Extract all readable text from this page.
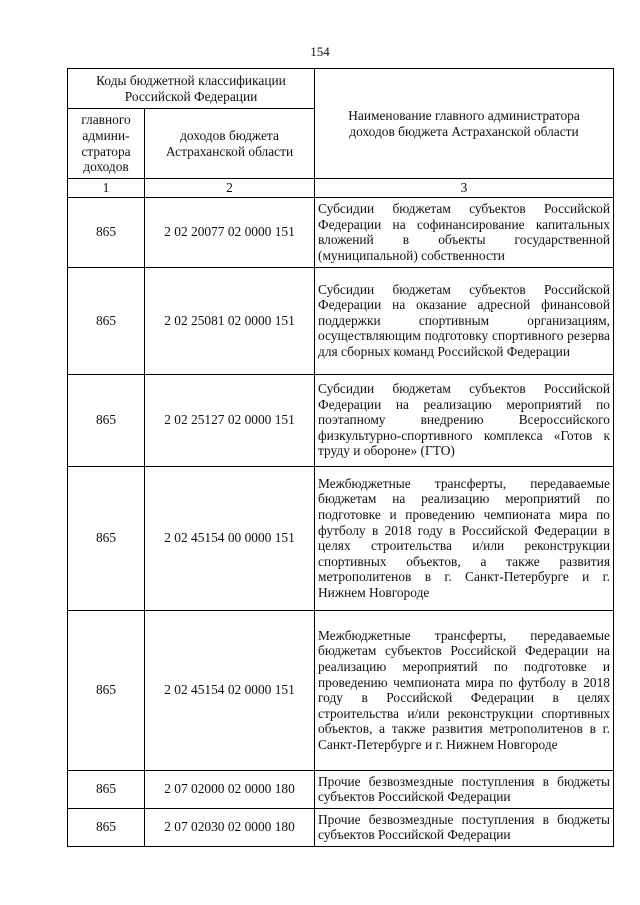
154
Коды бюджетной классификации Российской Федерации		Наименование главного администратора доходов бюджета Астраханской области
главного админи-стратора доходов	доходов бюджета Астраханской области	
1	2	3
865	2 02 20077 02 0000 151	Субсидии бюджетам субъектов Российской Федерации на софинансирование капитальных вложений в объекты государственной (муниципальной) собственности
865	2 02 25081 02 0000 151	Субсидии бюджетам субъектов Российской Федерации на оказание адресной финансовой поддержки спортивным организациям, осуществляющим подготовку спортивного резерва для сборных команд Российской Федерации
865	2 02 25127 02 0000 151	Субсидии бюджетам субъектов Российской Федерации на реализацию мероприятий по поэтапному внедрению Всероссийского физкультурно-спортивного комплекса «Готов к труду и обороне» (ГТО)
865	2 02 45154 00 0000 151	Межбюджетные трансферты, передаваемые бюджетам на реализацию мероприятий по подготовке и проведению чемпионата мира по футболу в 2018 году в Российской Федерации в целях строительства и/или реконструкции спортивных объектов, а также развития метрополитенов в г. Санкт-Петербурге и г. Нижнем Новгороде
865	2 02 45154 02 0000 151	Межбюджетные трансферты, передаваемые бюджетам субъектов Российской Федерации на реализацию мероприятий по подготовке и проведению чемпионата мира по футболу в 2018 году в Российской Федерации в целях строительства и/или реконструкции спортивных объектов, а также развития метрополитенов в г. Санкт-Петербурге и г. Нижнем Новгороде
865	2 07 02000 02 0000 180	Прочие безвозмездные поступления в бюджеты субъектов Российской Федерации
865	2 07 02030 02 0000 180	Прочие безвозмездные поступления в бюджеты субъектов Российской Федерации
